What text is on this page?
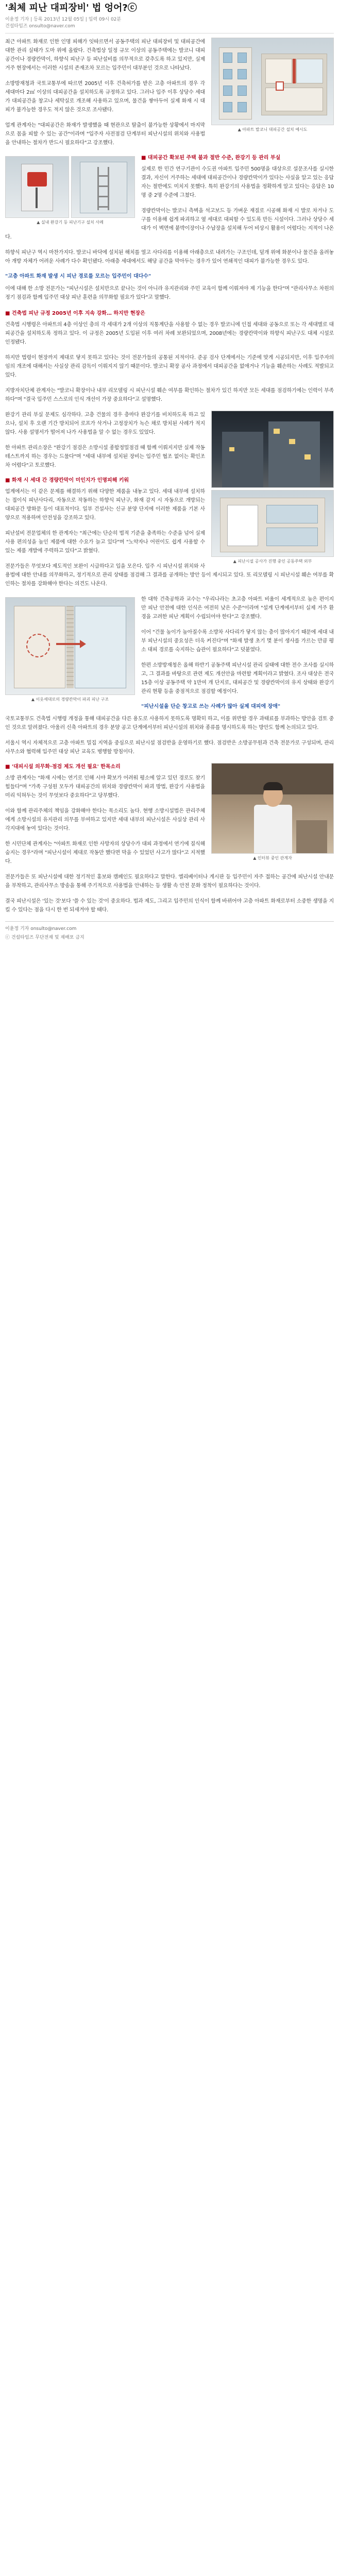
'최체 피난 대피장비' 법 엉어?ⓒ
이윤정 기자 | 등록 2013년 12월 05일 | 입력 09시 02분
건설타임즈 onsulto@naver.com
▲ 아파트 발코니 대피공간 설치 예시도

최근 아파트 화재로 인한 인명 피해가 잇따르면서 공동주택의 피난 대피장비 및 대피공간에 대한 관리 실태가 도마 위에 올랐다. 건축법상 일정 규모 이상의 공동주택에는 발코니 대피공간이나 경량칸막이, 하향식 피난구 등 피난설비를 의무적으로 갖추도록 하고 있지만, 실제 거주 현장에서는 이러한 시설의 존재조차 모르는 입주민이 대부분인 것으로 나타났다.

소방방재청과 국토교통부에 따르면 2005년 이후 건축허가를 받은 고층 아파트의 경우 각 세대마다 2㎡ 이상의 대피공간을 설치하도록 규정하고 있다. 그러나 입주 이후 상당수 세대가 대피공간을 창고나 세탁실로 개조해 사용하고 있으며, 물건을 쌓아두어 실제 화재 시 대피가 불가능한 경우도 적지 않은 것으로 조사됐다.

업계 관계자는 "대피공간은 화재가 발생했을 때 현관으로 탈출이 불가능한 상황에서 마지막으로 몸을 피할 수 있는 공간"이라며 "입주자 사전점검 단계부터 피난시설의 위치와 사용법을 안내하는 절차가 반드시 필요하다"고 강조했다.

▲ 실내 완강기 등 피난기구 설치 사례
■ 대피공간 확보된 주택 불과 절반 수준, 완강기 등 관리 부실

실제로 한 민간 연구기관이 수도권 아파트 입주민 500명을 대상으로 설문조사를 실시한 결과, 자신이 거주하는 세대에 대피공간이나 경량칸막이가 있다는 사실을 알고 있는 응답자는 절반에도 미치지 못했다. 특히 완강기의 사용법을 정확하게 알고 있다는 응답은 10명 중 2명 수준에 그쳤다.

경량칸막이는 발코니 측벽을 석고보드 등 가벼운 재질로 시공해 화재 시 발로 차거나 도구를 이용해 쉽게 파괴하고 옆 세대로 대피할 수 있도록 만든 시설이다. 그러나 상당수 세대가 이 벽면에 붙박이장이나 수납장을 설치해 두어 비상시 활용이 어렵다는 지적이 나온다.

하향식 피난구 역시 마찬가지다. 발코니 바닥에 설치된 해치를 열고 사다리를 이용해 아래층으로 내려가는 구조인데, 덮개 위에 화분이나 물건을 올려놓아 개방 자체가 어려운 사례가 다수 확인됐다. 아래층 세대에서도 해당 공간을 막아두는 경우가 있어 연쇄적인 대피가 불가능한 경우도 있다.

"고층 아파트 화재 발생 시 피난 경로를 모르는 입주민이 대다수"

이에 대해 한 소방 전문가는 "피난시설은 설치만으로 끝나는 것이 아니라 유지관리와 주민 교육이 함께 이뤄져야 제 기능을 한다"며 "관리사무소 차원의 정기 점검과 함께 입주민 대상 피난 훈련을 의무화할 필요가 있다"고 말했다.

■ 건축법 피난 규정 2005년 이후 지속 강화… 하지만 현장은

건축법 시행령은 아파트의 4층 이상인 층의 각 세대가 2개 이상의 직통계단을 사용할 수 없는 경우 발코니에 인접 세대와 공동으로 또는 각 세대별로 대피공간을 설치하도록 정하고 있다. 이 규정은 2005년 도입된 이후 여러 차례 보완되었으며, 2008년에는 경량칸막이와 하향식 피난구도 대체 시설로 인정됐다.

하지만 법령이 현장까지 제대로 닿지 못하고 있다는 것이 전문가들의 공통된 지적이다. 준공 검사 단계에서는 기준에 맞게 시공되지만, 이후 입주자의 임의 개조에 대해서는 사실상 관리 감독이 이뤄지지 않기 때문이다. 발코니 확장 공사 과정에서 대피공간을 없애거나 기능을 훼손하는 사례도 적발되고 있다.

지방자치단체 관계자는 "발코니 확장이나 내부 리모델링 시 피난시설 훼손 여부를 확인하는 절차가 있긴 하지만 모든 세대를 점검하기에는 인력이 부족하다"며 "결국 입주민 스스로의 인식 개선이 가장 중요하다"고 설명했다.

▲ 피난시설 공사가 진행 중인 공동주택 외부

완강기 관리 부실 문제도 심각하다. 고층 건물의 경우 층마다 완강기를 비치하도록 하고 있으나, 설치 후 오랜 기간 방치되어 로프가 삭거나 고정장치가 녹슨 채로 방치된 사례가 적지 않다. 사용 설명서가 떨어져 나가 사용법을 알 수 없는 경우도 있었다.

한 아파트 관리소장은 "완강기 점검은 소방시설 종합정밀점검 때 함께 이뤄지지만 실제 작동 테스트까지 하는 경우는 드물다"며 "세대 내부에 설치된 장비는 입주민 협조 없이는 확인조차 어렵다"고 토로했다.

■ 화재 시 세대 간 경량칸막이 미인지가 인명피해 키워

업계에서는 이 같은 문제를 해결하기 위해 다양한 제품을 내놓고 있다. 세대 내부에 설치하는 접이식 피난사다리, 자동으로 작동하는 하향식 피난구, 화재 감지 시 자동으로 개방되는 대피공간 방화문 등이 대표적이다. 일부 건설사는 신규 분양 단지에 이러한 제품을 기본 사양으로 적용하며 안전성을 강조하고 있다.

피난설비 전문업체의 한 관계자는 "최근에는 단순히 법적 기준을 충족하는 수준을 넘어 실제 사용 편의성을 높인 제품에 대한 수요가 늘고 있다"며 "노약자나 어린이도 쉽게 사용할 수 있는 제품 개발에 주력하고 있다"고 밝혔다.

전문가들은 무엇보다 제도적인 보완이 시급하다고 입을 모은다. 입주 시 피난시설 위치와 사용법에 대한 안내를 의무화하고, 정기적으로 관리 상태를 점검해 그 결과를 공개하는 방안 등이 제시되고 있다. 또 리모델링 시 피난시설 훼손 여부를 확인하는 절차를 강화해야 한다는 의견도 나온다.

▲ 이웃세대로의 경량칸막이 파괴 피난 구조

한 대학 건축공학과 교수는 "우리나라는 초고층 아파트 비율이 세계적으로 높은 편이지만 피난 안전에 대한 인식은 여전히 낮은 수준"이라며 "설계 단계에서부터 실제 거주 환경을 고려한 피난 계획이 수립되어야 한다"고 강조했다.

이어 "건물 높이가 높아질수록 소방차 사다리가 닿지 않는 층이 많아지기 때문에 세대 내부 피난시설의 중요성은 더욱 커진다"며 "화재 발생 초기 몇 분이 생사를 가르는 만큼 평소 대피 경로를 숙지하는 습관이 필요하다"고 덧붙였다.

한편 소방방재청은 올해 하반기 공동주택 피난시설 관리 실태에 대한 전수 조사를 실시하고, 그 결과를 바탕으로 관련 제도 개선안을 마련할 계획이라고 밝혔다. 조사 대상은 전국 15층 이상 공동주택 약 1만여 개 단지로, 대피공간 및 경량칸막이의 유지 상태와 완강기 관리 현황 등을 중점적으로 점검할 예정이다.

"피난시설을 단순 창고로 쓰는 사례가 많아 실제 대피에 장애"

국토교통부도 건축법 시행령 개정을 통해 대피공간을 다른 용도로 사용하지 못하도록 명확히 하고, 이를 위반할 경우 과태료를 부과하는 방안을 검토 중인 것으로 알려졌다. 아울러 신축 아파트의 경우 분양 공고 단계에서부터 피난시설의 위치와 종류를 명시하도록 하는 방안도 함께 논의되고 있다.

서울시 역시 자체적으로 고층 아파트 밀집 지역을 중심으로 피난시설 점검반을 운영하기로 했다. 점검반은 소방공무원과 건축 전문가로 구성되며, 관리사무소와 협력해 입주민 대상 피난 교육도 병행할 방침이다.

▲ 인터뷰 중인 관계자
■ '대피시설 의무화·점검 제도 개선 필요' 한목소리

소방 관계자는 "화재 시에는 연기로 인해 시야 확보가 어려워 평소에 알고 있던 경로도 찾기 힘들다"며 "가족 구성원 모두가 대피공간의 위치와 경량칸막이 파괴 방법, 완강기 사용법을 미리 익혀두는 것이 무엇보다 중요하다"고 당부했다.

이와 함께 관리주체의 책임을 강화해야 한다는 목소리도 높다. 현행 소방시설법은 관리주체에게 소방시설의 유지관리 의무를 부여하고 있지만 세대 내부의 피난시설은 사실상 관리 사각지대에 놓여 있다는 것이다.

한 시민단체 관계자는 "아파트 화재로 인한 사망자의 상당수가 대피 과정에서 연기에 질식해 숨지는 경우"라며 "피난시설이 제대로 작동만 했다면 막을 수 있었던 사고가 많다"고 지적했다.

전문가들은 또 피난시설에 대한 정기적인 홍보와 캠페인도 필요하다고 말한다. 엘리베이터나 게시판 등 입주민이 자주 접하는 공간에 피난시설 안내문을 부착하고, 관리사무소 방송을 통해 주기적으로 사용법을 안내하는 등 생활 속 안전 문화 정착이 필요하다는 것이다.

결국 피난시설은 '있는 것'보다 '쓸 수 있는 것'이 중요하다. 법과 제도, 그리고 입주민의 인식이 함께 바뀌어야 고층 아파트 화재로부터 소중한 생명을 지킬 수 있다는 점을 다시 한 번 되새겨야 할 때다.

이윤정 기자 onsulto@naver.com
ⓒ 건설타임즈 무단전재 및 재배포 금지
